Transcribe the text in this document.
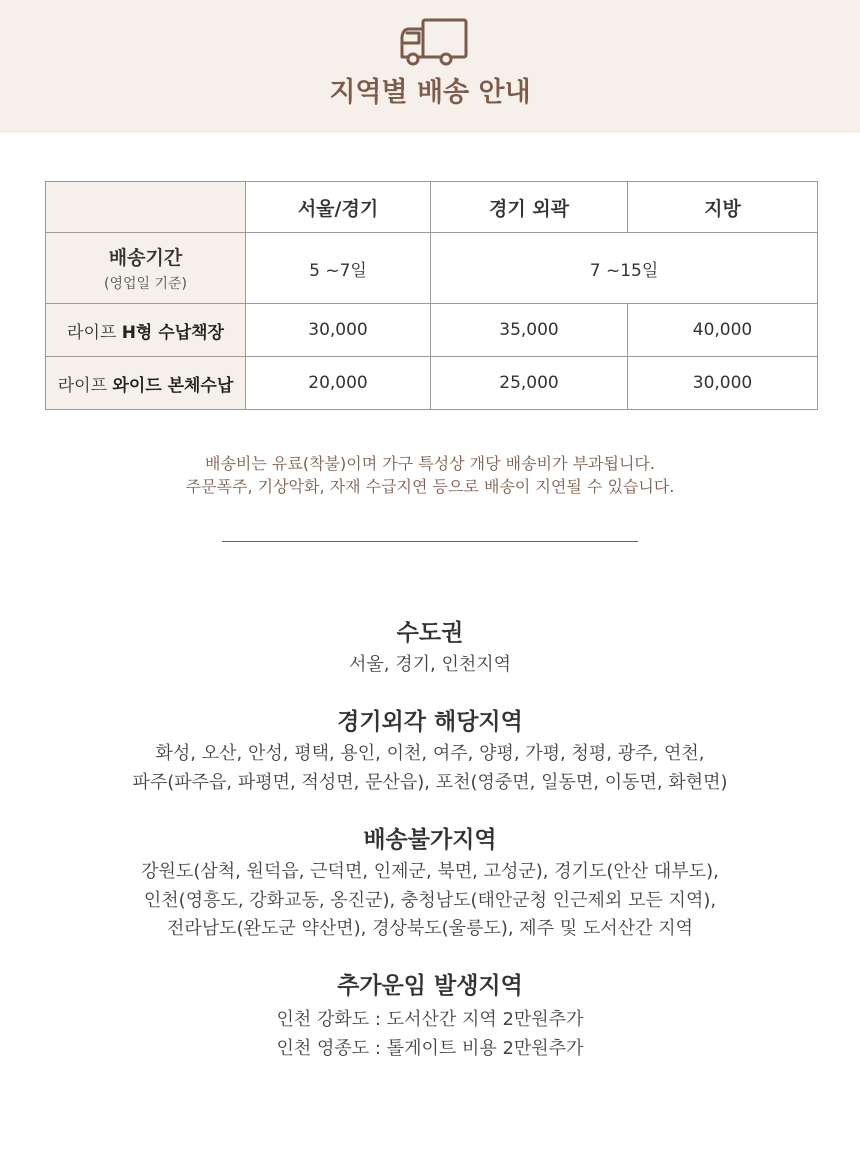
지역별 배송 안내
	서울/경기	경기 외곽	지방

배송기간
(영업일 기준)	5 ~7일	7 ~15일	
라이프 H형 수납책장	30,000	35,000	40,000
라이프 와이드 본체수납	20,000	25,000	30,000
배송비는 유료(착불)이며 가구 특성상 개당 배송비가 부과됩니다.
주문폭주, 기상악화, 자재 수급지연 등으로 배송이 지연될 수 있습니다.
수도권
서울, 경기, 인천지역
경기외각 해당지역
화성, 오산, 안성, 평택, 용인, 이천, 여주, 양평, 가평, 청평, 광주, 연천,
파주(파주읍, 파평면, 적성면, 문산읍), 포천(영중면, 일동면, 이동면, 화현면)
배송불가지역
강원도(삼척, 원덕읍, 근덕면, 인제군, 북면, 고성군), 경기도(안산 대부도),
인천(영흥도, 강화교동, 옹진군), 충청남도(태안군청 인근제외 모든 지역),
전라남도(완도군 약산면), 경상북도(울릉도), 제주 및 도서산간 지역
추가운임 발생지역
인천 강화도 : 도서산간 지역 2만원추가
인천 영종도 : 톨게이트 비용 2만원추가
